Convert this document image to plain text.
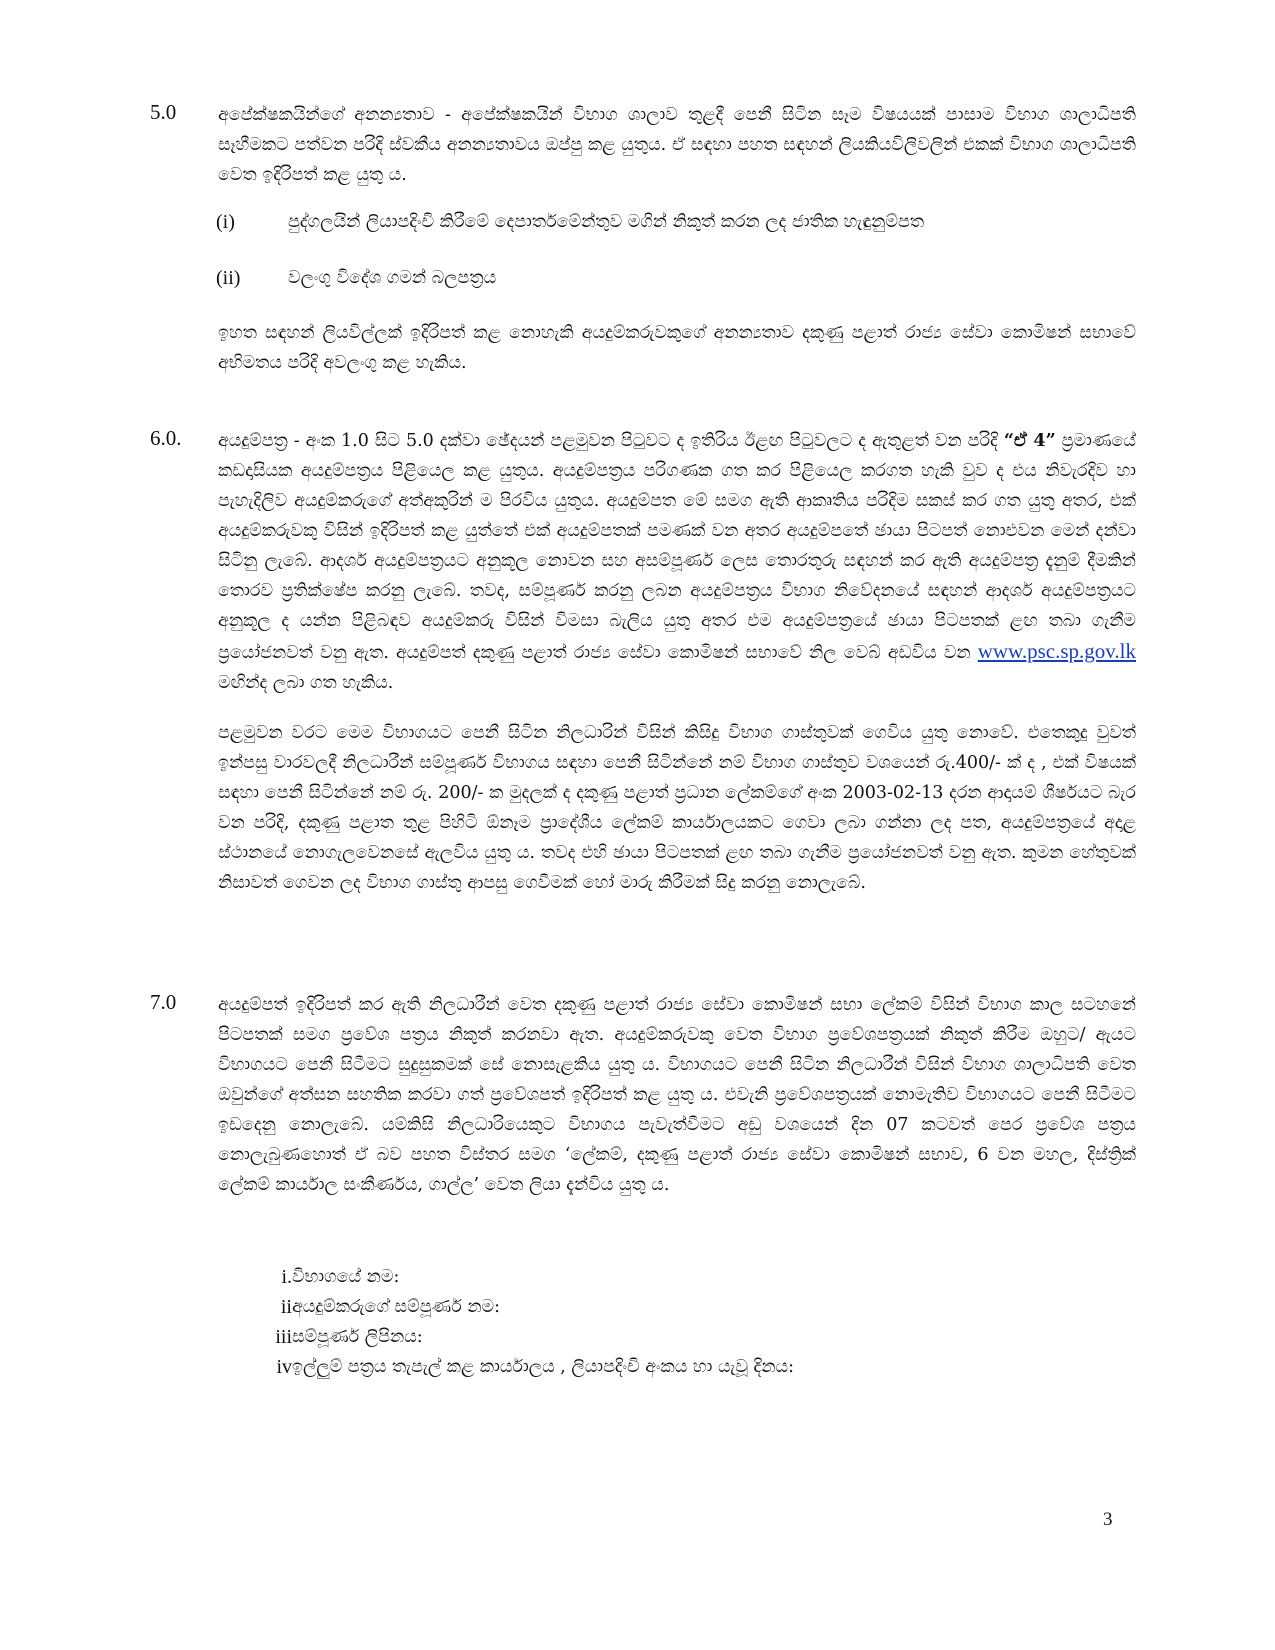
5.0 අපේක්ෂකයින්ගේ අනන්‍යතාව - අපේක්ෂකයින් විභාග ශාලාව තුළදී පෙනී සිටින සෑම විෂයයක් පාසාම විභාග ශාලාධිපති සෑහීමකට පත්වන පරිදි ස්වකීය අනන්‍යතාවය ඔප්පු කළ යුතුය. ඒ සඳහා පහත සඳහන් ලියකියවිලිවලින් එකක් විභාග ශාලාධිපති වෙත ඉදිරිපත් කළ යුතු ය.

(i)	පුද්ගලයින් ලියාපදිංචි කිරීමේ දෙපාර්තමේන්තුව මගින් නිකුත් කරන ලද ජාතික හැඳුනුම්පත
(ii)	වලංගු විදේශ ගමන් බලපත්‍රය

ඉහත සඳහන් ලියවිල්ලක් ඉදිරිපත් කළ නොහැකි අයදුම්කරුවකුගේ අනන්‍යතාව දකුණු පළාත් රාජ්‍ය සේවා කොමිෂන් සභාවේ අභිමතය පරිදි අවලංගු කළ හැකිය.

6.0. අයදුම්පත්‍ර - අංක 1.0 සිට 5.0 දක්වා ඡේදයන් පළමුවන පිටුවට ද ඉතිරිය ඊළඟ පිටුවලට ද ඇතුළත් වන පරිදි “ඒ 4” ප්‍රමාණයේ කඩදාසියක අයදුම්පත්‍රය පිළියෙල කළ යුතුය. අයදුම්පත්‍රය පරිගණක ගත කර පිළියෙල කරගත හැකි වුව ද එය නිවැරදිව හා පැහැදිලිව අයදුම්කරුගේ අත්අකුරින් ම පිරවිය යුතුය. අයදුම්පත මේ සමග ඇති ආකෘතිය පරිදිම සකස් කර ගත යුතු අතර, එක් අයදුම්කරුවකු විසින් ඉදිරිපත් කළ යුත්තේ එක් අයදුම්පතක් පමණක් වන අතර අයදුම්පතේ ඡායා පිටපත් නොඑවන මෙන් දන්වා සිටිනු ලැබේ. ආදර්ශ අයදුම්පත්‍රයට අනුකූල නොවන සහ අසම්පූර්ණ ලෙස තොරතුරු සඳහන් කර ඇති අයදුම්පත්‍ර දැනුම් දීමකින් තොරව ප්‍රතික්ෂේප කරනු ලැබේ. තවද, සම්පූර්ණ කරනු ලබන අයදුම්පත්‍රය විභාග නිවේදනයේ සඳහන් ආදර්ශ අයදුම්පත්‍රයට අනුකූල ද යන්න පිළිබඳව අයදුම්කරු විසින් විමසා බැලිය යුතු අතර එම අයදුම්පත්‍රයේ ඡායා පිටපතක් ළඟ තබා ගැනීම ප්‍රයෝජනවත් වනු ඇත. අයදුම්පත් දකුණු පළාත් රාජ්‍ය සේවා කොමිෂන් සභාවේ නිල වෙබ් අඩවිය වන www.psc.sp.gov.lk මඟින්ද ලබා ගත හැකිය.

පළමුවන වරට මෙම විභාගයට පෙනී සිටින නිලධාරින් විසින් කිසිදු විභාග ගාස්තුවක් ගෙවිය යුතු නොවේ. එතෙකුදු වුවත් ඉන්පසු වාරවලදී නිලධාරීන් සම්පූර්ණ විභාගය සඳහා පෙනී සිටින්නේ නම් විභාග ගාස්තුව වශයෙන් රු.400/- ක් ද , එක් විෂයක් සඳහා පෙනී සිටින්නේ නම් රු. 200/- ක මුදලක් ද දකුණු පළාත් ප්‍රධාන ලේකම්ගේ අංක 2003-02-13 දරන ආදායම් ශීර්ෂයට බැර වන පරිදි, දකුණු පළාත තුළ පිහිටි ඕනෑම ප්‍රාදේශීය ලේකම් කාර්යාලයකට ගෙවා ලබා ගන්නා ලද පත, අයදුම්පත්‍රයේ අදාළ ස්ථානයේ නොගැලවෙනසේ ඇලවිය යුතු ය. තවද එහි ඡායා පිටපතක් ළඟ තබා ගැනීම ප්‍රයෝජනවත් වනු ඇත. කුමන හේතුවක් නිසාවත් ගෙවන ලද විභාග ගාස්තු ආපසු ගෙවීමක් හෝ මාරු කිරීමක් සිදු කරනු නොලැබේ.

7.0 අයදුම්පත් ඉදිරිපත් කර ඇති නිලධාරීන් වෙත දකුණු පළාත් රාජ්‍ය සේවා කොමිෂන් සභා ලේකම් විසින් විභාග කාල සටහනේ පිටපතක් සමග ප්‍රවේශ පත්‍රය නිකුත් කරනවා ඇත. අයදුම්කරුවකු වෙත විභාග ප්‍රවේශපත්‍රයක් නිකුත් කිරීම ඔහුට/ ඇයට විභාගයට පෙනී සිටීමට සුදුසුකමක් සේ නොසැළකිය යුතු ය. විභාගයට පෙනී සිටින නිලධාරීන් විසින් විභාග ශාලාධිපති වෙත ඔවුන්ගේ අත්සන සහතික කරවා ගත් ප්‍රවේශපත් ඉදිරිපත් කළ යුතු ය. එවැනි ප්‍රවේශපත්‍රයක් නොමැතිව විභාගයට පෙනී සිටීමට ඉඩදෙනු නොලැබේ. යම්කිසි නිලධාරියෙකුට විභාගය පැවැත්වීමට අඩු වශයෙන් දින 07 කටවත් පෙර ප්‍රවේශ පත්‍රය නොලැබුණහොත් ඒ බව පහත විස්තර සමග ‘ලේකම්, දකුණු පළාත් රාජ්‍ය සේවා කොමිෂන් සභාව, 6 වන මහල, දිස්ත්‍රික් ලේකම් කාර්යාල සංකීර්ණය, ගාල්ල’ වෙත ලියා දැන්විය යුතු ය.

i. විභාගයේ නම:
ii අයදුම්කරුගේ සම්පූර්ණ නම:
iii සම්පූර්ණ ලිපිනය:
iv ඉල්ලුම් පත්‍රය තැපැල් කළ කාර්යාලය , ලියාපදිංචි අංකය හා යැවූ දිනය:
3
